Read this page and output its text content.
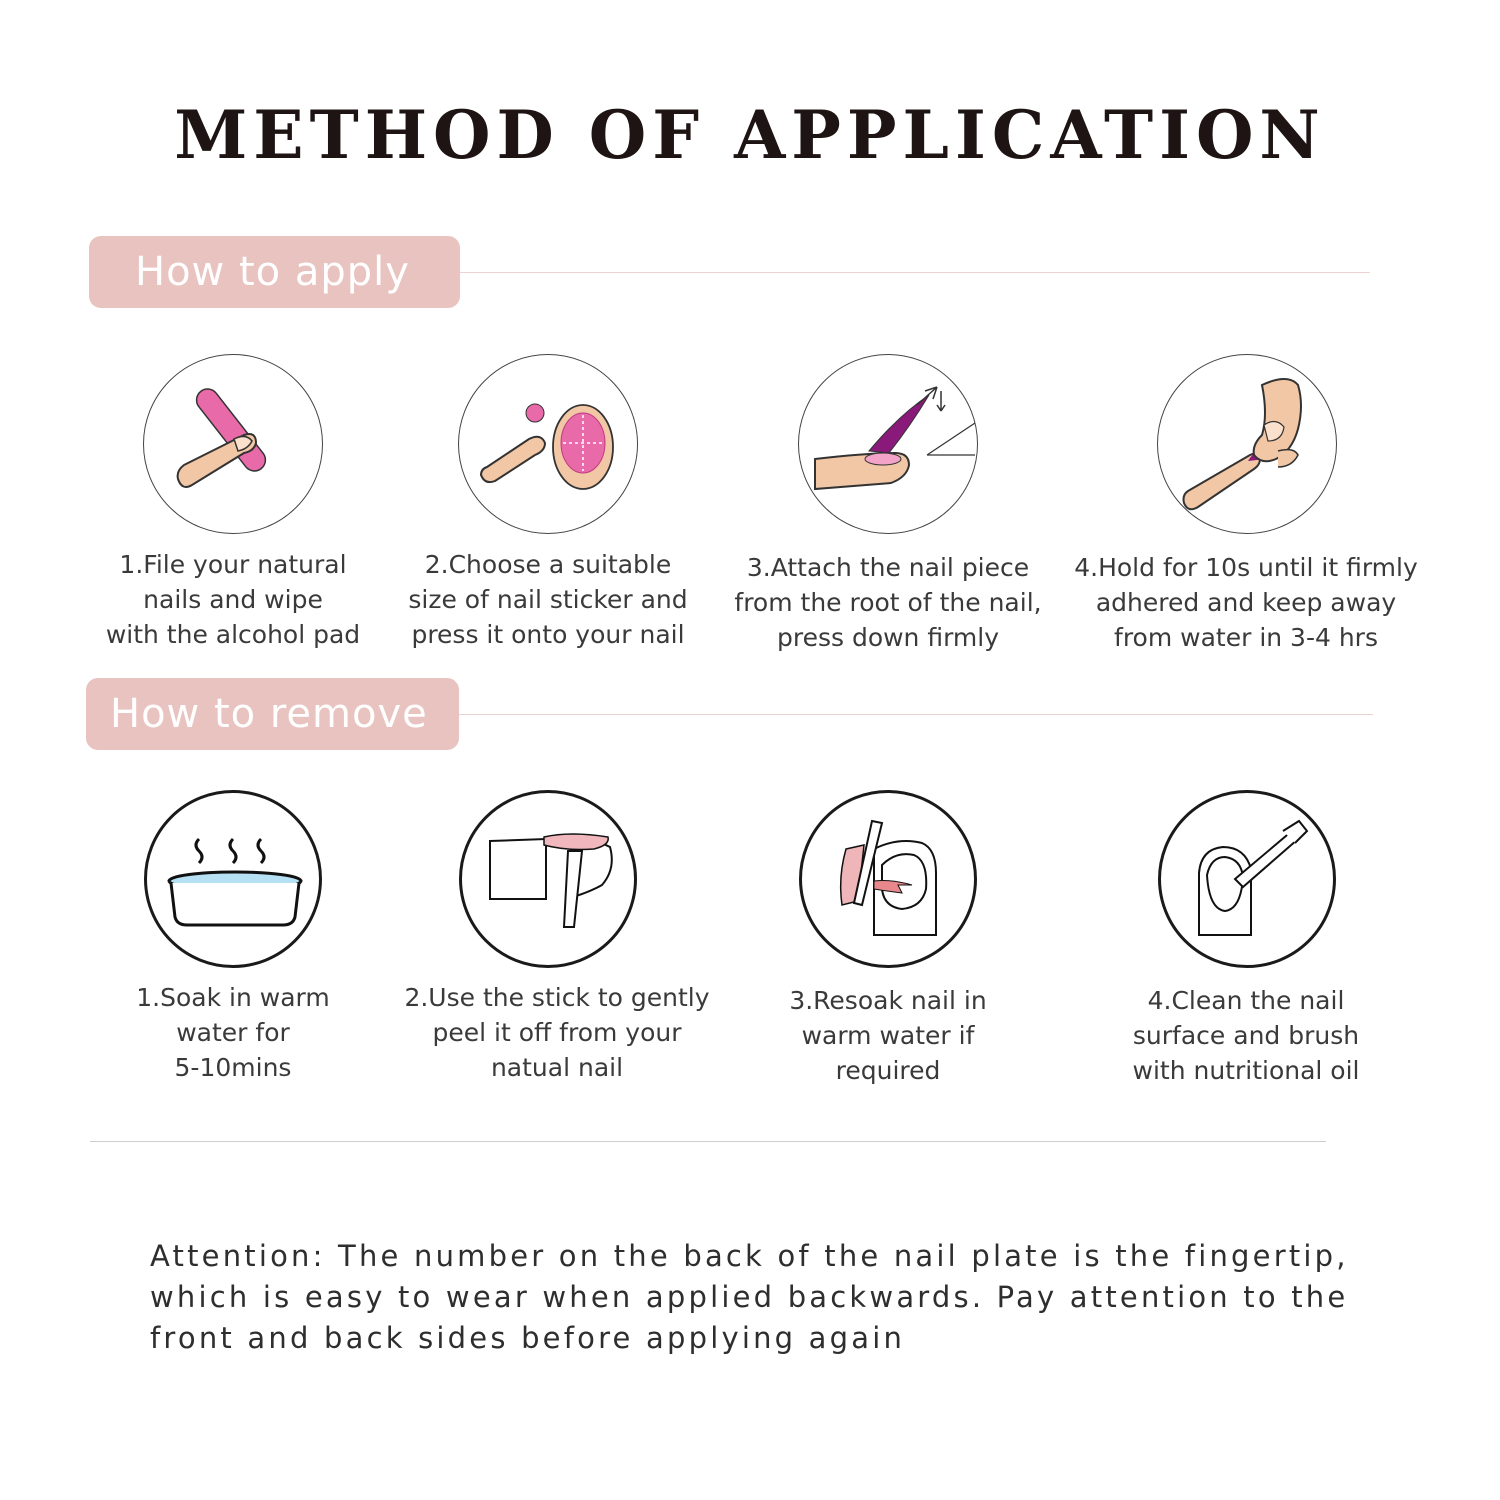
METHOD OF APPLICATION
How to apply

1.File your natural
nails and wipe
with the alcohol pad

2.Choose a suitable
size of nail sticker and
press it onto your nail

3.Attach the nail piece
from the root of the nail,
press down firmly

4.Hold for 10s until it firmly
adhered and keep away
from water in 3-4 hrs

How to remove

1.Soak in warm
water for
5-10mins

2.Use the stick to gently
peel it off from your
natual nail

3.Resoak nail in
warm water if
required

4.Clean the nail
surface and brush
with nutritional oil

Attention: The number on the back of the nail plate is the fingertip,
which is easy to wear when applied backwards. Pay attention to the
front and back sides before applying again
